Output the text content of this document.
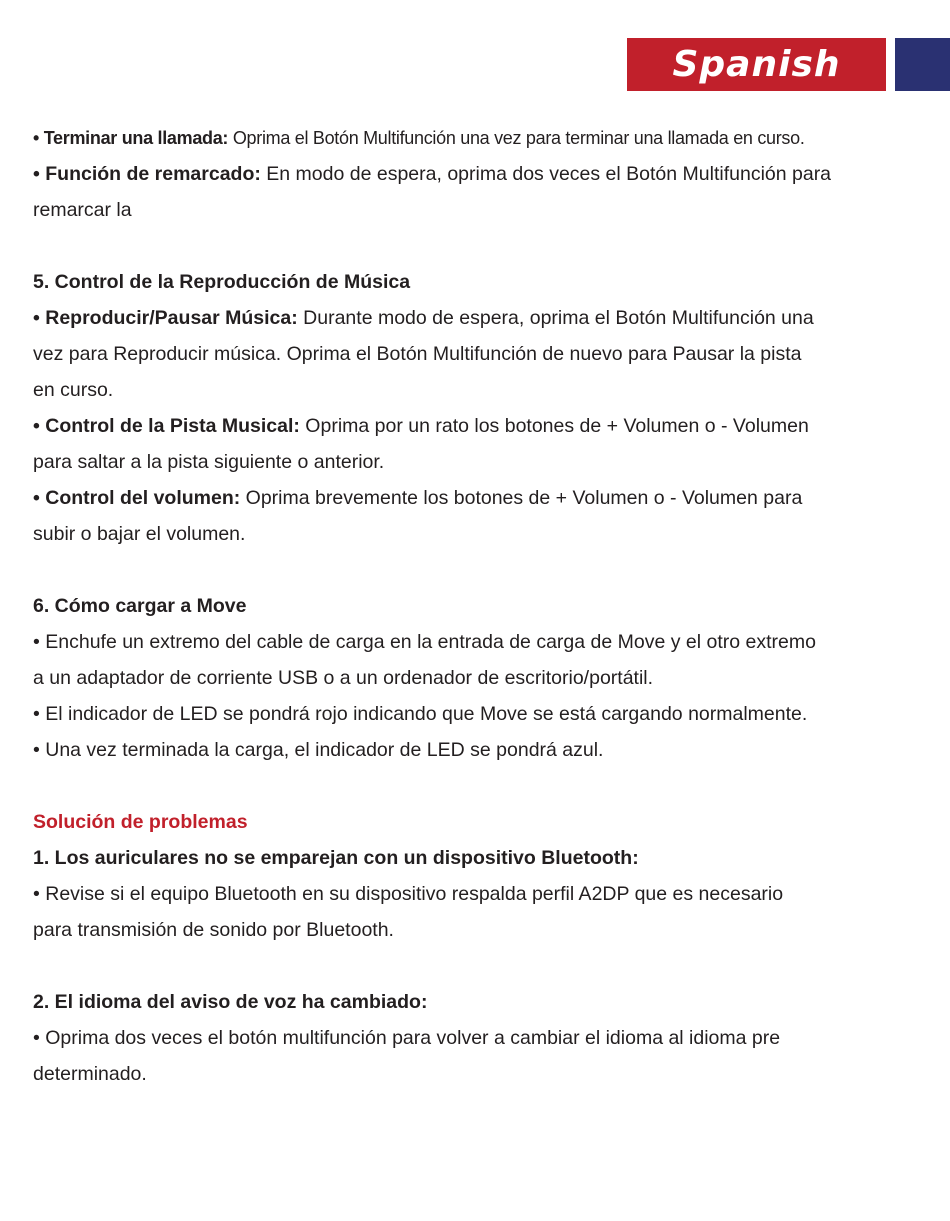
Spanish
• Terminar una llamada: Oprima el Botón Multifunción una vez para terminar una llamada en curso.
• Función de remarcado: En modo de espera, oprima dos veces el Botón Multifunción para
remarcar la
5. Control de la Reproducción de Música
• Reproducir/Pausar Música: Durante modo de espera, oprima el Botón Multifunción una
vez para Reproducir música. Oprima el Botón Multifunción de nuevo para Pausar la pista
en curso.
• Control de la Pista Musical: Oprima por un rato los botones de + Volumen o - Volumen
para saltar a la pista siguiente o anterior.
• Control del volumen: Oprima brevemente los botones de + Volumen o - Volumen para
subir o bajar el volumen.
6. Cómo cargar a Move
• Enchufe un extremo del cable de carga en la entrada de carga de Move y el otro extremo
a un adaptador de corriente USB o a un ordenador de escritorio/portátil.
• El indicador de LED se pondrá rojo indicando que Move se está cargando normalmente.
• Una vez terminada la carga, el indicador de LED se pondrá azul.
Solución de problemas
1. Los auriculares no se emparejan con un dispositivo Bluetooth:
• Revise si el equipo Bluetooth en su dispositivo respalda perfil A2DP que es necesario
para transmisión de sonido por Bluetooth.
2. El idioma del aviso de voz ha cambiado:
• Oprima dos veces el botón multifunción para volver a cambiar el idioma al idioma pre
determinado.
